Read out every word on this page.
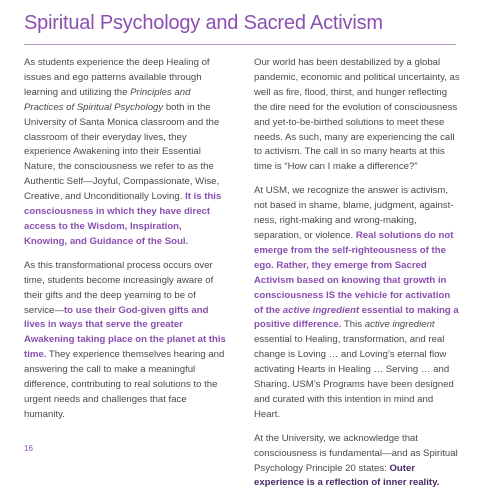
Spiritual Psychology and Sacred Activism

As students experience the deep Healing of issues and ego patterns available through learning and utilizing the Principles and Practices of Spiritual Psychology both in the University of Santa Monica classroom and the classroom of their everyday lives, they experience Awakening into their Essential Nature, the consciousness we refer to as the Authentic Self—Joyful, Compassionate, Wise, Creative, and Unconditionally Loving. It is this consciousness in which they have direct access to the Wisdom, Inspiration, Knowing, and Guidance of the Soul.

As this transformational process occurs over time, students become increasingly aware of their gifts and the deep yearning to be of service—to use their God-given gifts and lives in ways that serve the greater Awakening taking place on the planet at this time. They experience themselves hearing and answering the call to make a meaningful difference, contributing to real solutions to the urgent needs and challenges that face humanity.

Our world has been destabilized by a global pandemic, economic and political uncertainty, as well as fire, flood, thirst, and hunger reflecting the dire need for the evolution of consciousness and yet-to-be-birthed solutions to meet these needs. As such, many are experiencing the call to activism. The call in so many hearts at this time is “How can I make a difference?”

At USM, we recognize the answer is activism, not based in shame, blame, judgment, against-ness, right-making and wrong-making, separation, or violence. Real solutions do not emerge from the self-righteousness of the ego. Rather, they emerge from Sacred Activism based on knowing that growth in consciousness IS the vehicle for activation of the active ingredient essential to making a positive difference. This active ingredient essential to Healing, transformation, and real change is Loving … and Loving’s eternal flow activating Hearts in Healing … Serving … and Sharing. USM’s Programs have been designed and curated with this intention in mind and Heart.

At the University, we acknowledge that consciousness is fundamental—and as Spiritual Psychology Principle 20 states: Outer experience is a reflection of inner reality.

16
